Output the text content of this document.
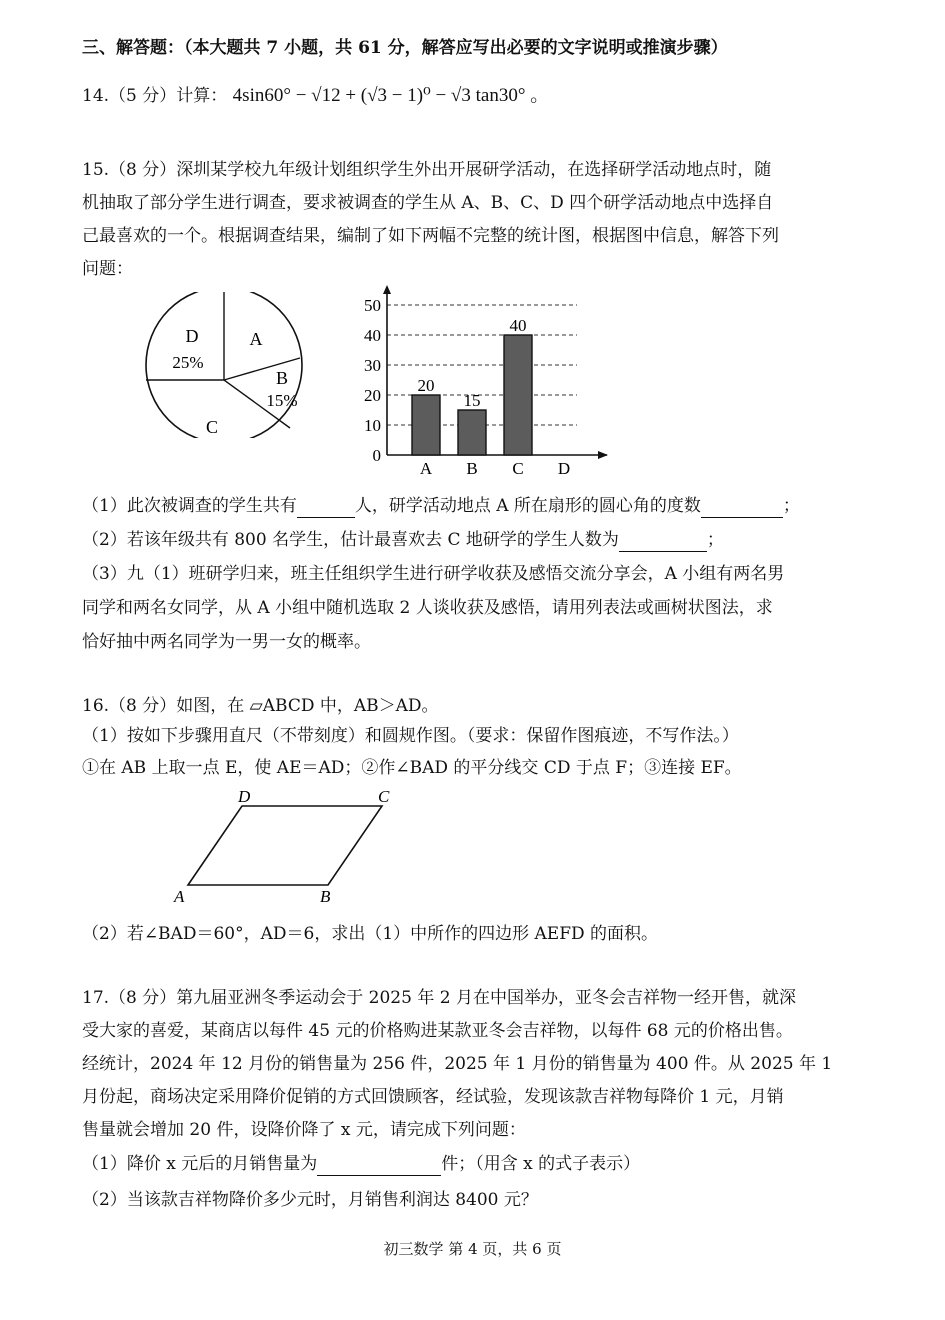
三、解答题：（本大题共 7 小题，共 61 分，解答应写出必要的文字说明或推演步骤）
14.（5 分）计算： 4sin60° − √12 + (√3 − 1)⁰ − √3 tan30° 。
15.（8 分）深圳某学校九年级计划组织学生外出开展研学活动，在选择研学活动地点时，随
机抽取了部分学生进行调查，要求被调查的学生从 A、B、C、D 四个研学活动地点中选择自
己最喜欢的一个。根据调查结果，编制了如下两幅不完整的统计图，根据图中信息，解答下列
问题：
A
B
15%
C
D
25%
0
10
20
30
40
50
20
A
15
B
40
C D
（1）此次被调查的学生共有	人，研学活动地点 A 所在扇形的圆心角的度数	；
（2）若该年级共有 800 名学生，估计最喜欢去 C 地研学的学生人数为	；
（3）九（1）班研学归来，班主任组织学生进行研学收获及感悟交流分享会，A 小组有两名男
同学和两名女同学，从 A 小组中随机选取 2 人谈收获及感悟，请用列表法或画树状图法，求
恰好抽中两名同学为一男一女的概率。
16.（8 分）如图，在 ▱ABCD 中，AB＞AD。
（1）按如下步骤用直尺（不带刻度）和圆规作图。（要求：保留作图痕迹，不写作法。）
①在 AB 上取一点 E，使 AE＝AD；②作∠BAD 的平分线交 CD 于点 F；③连接 EF。
A	B
C
D
（2）若∠BAD＝60°，AD＝6，求出（1）中所作的四边形 AEFD 的面积。
17.（8 分）第九届亚洲冬季运动会于 2025 年 2 月在中国举办，亚冬会吉祥物一经开售，就深
受大家的喜爱，某商店以每件 45 元的价格购进某款亚冬会吉祥物，以每件 68 元的价格出售。
经统计，2024 年 12 月份的销售量为 256 件，2025 年 1 月份的销售量为 400 件。从 2025 年 1
月份起，商场决定采用降价促销的方式回馈顾客，经试验，发现该款吉祥物每降价 1 元，月销
售量就会增加 20 件，设降价降了 x 元，请完成下列问题：
（1）降价 x 元后的月销售量为	件；（用含 x 的式子表示）
（2）当该款吉祥物降价多少元时，月销售利润达 8400 元？
初三数学 第 4 页，共 6 页
